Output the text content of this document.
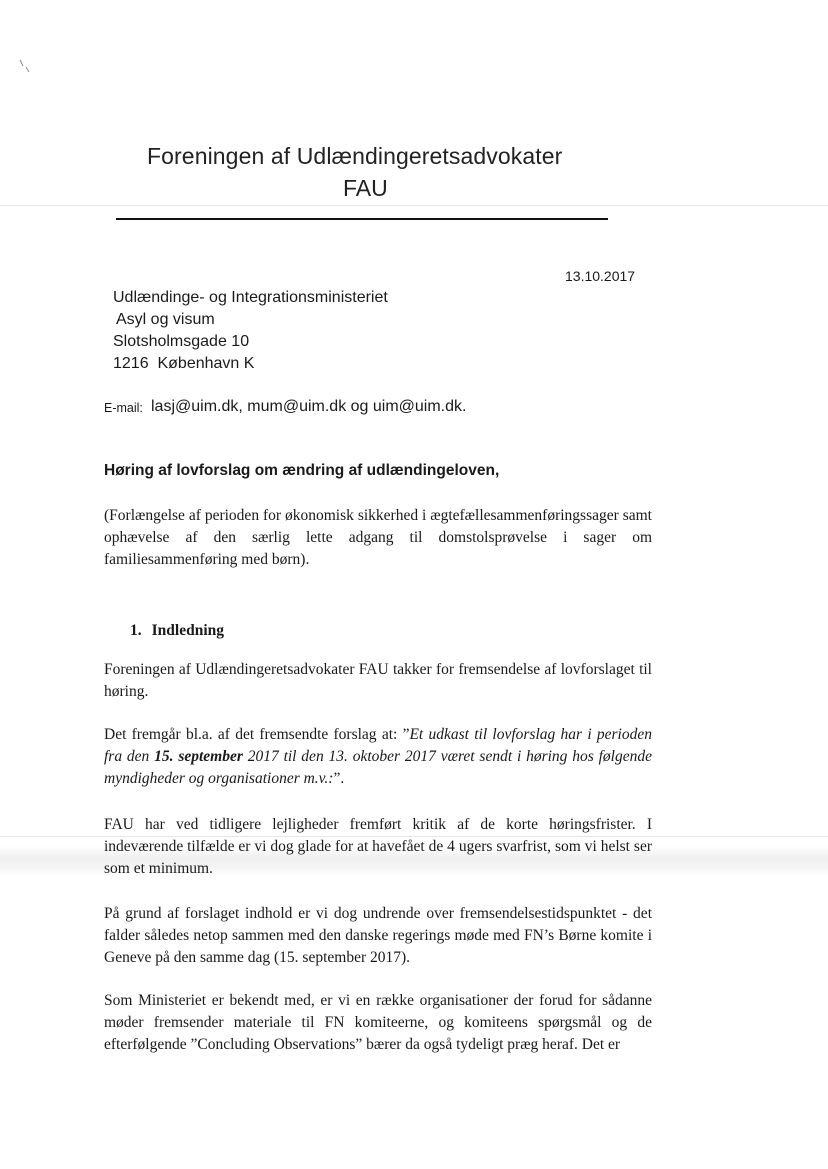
Foreningen af Udlændingeretsadvokater
FAU
13.10.2017
Udlændinge- og Integrationsministeriet
Asyl og visum
Slotsholmsgade 10
1216  København K
E-mail: lasj@uim.dk, mum@uim.dk og uim@uim.dk.
Høring af lovforslag om ændring af udlændingeloven,

(Forlængelse af perioden for økonomisk sikkerhed i ægtefællesammenføringssager samt ophævelse af den særlig lette adgang til domstolsprøvelse i sager om familiesammenføring med børn).

1. Indledning

Foreningen af Udlændingeretsadvokater FAU takker for fremsendelse af lovforslaget til høring.

Det fremgår bl.a. af det fremsendte forslag at: ”Et udkast til lovforslag har i perioden fra den 15. september 2017 til den 13. oktober 2017 været sendt i høring hos følgende myndigheder og organisationer m.v.:”.

FAU har ved tidligere lejligheder fremført kritik af de korte høringsfrister. I indeværende tilfælde er vi dog glade for at havefået de 4 ugers svarfrist, som vi helst ser som et minimum.

På grund af forslaget indhold er vi dog undrende over fremsendelsestidspunktet - det falder således netop sammen med den danske regerings møde med FN’s Børne komite i Geneve på den samme dag (15. september 2017).

Som Ministeriet er bekendt med, er vi en række organisationer der forud for sådanne møder fremsender materiale til FN komiteerne, og komiteens spørgsmål og de efterfølgende ”Concluding Observations” bærer da også tydeligt præg heraf. Det er
